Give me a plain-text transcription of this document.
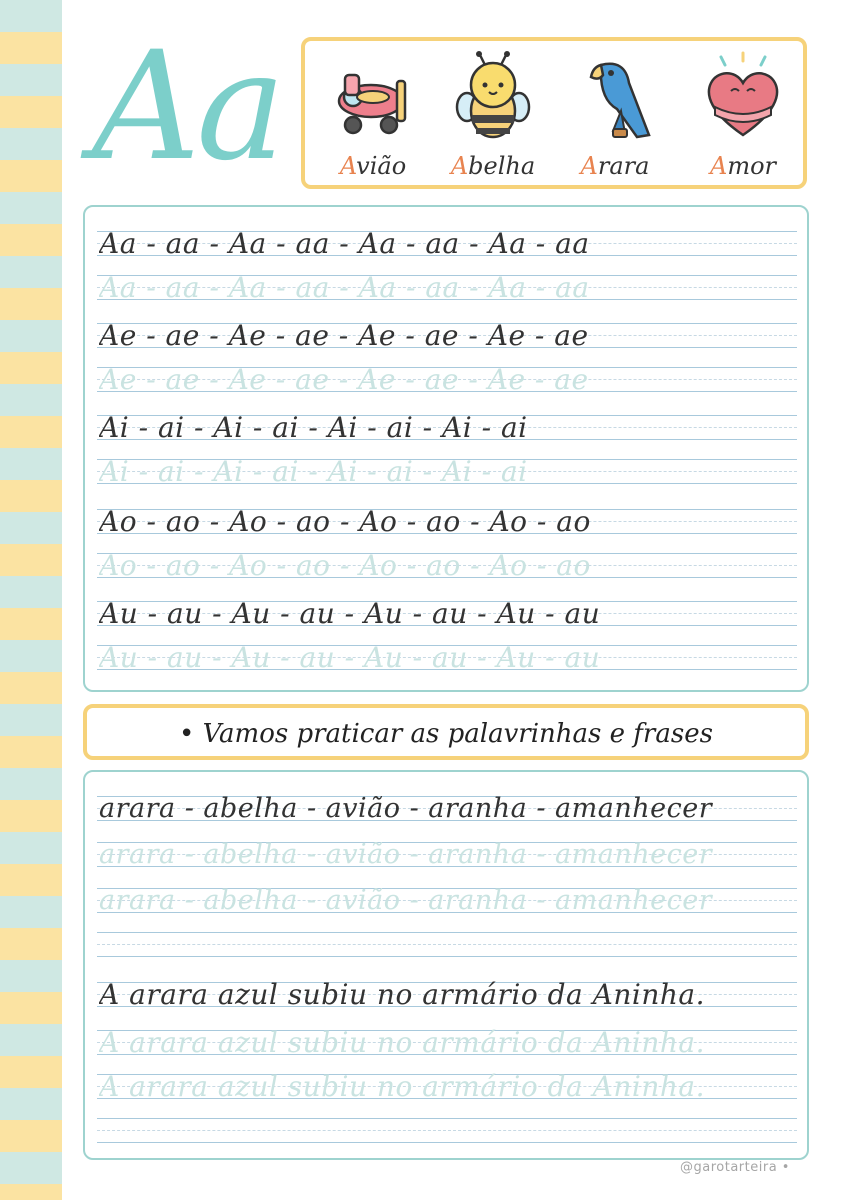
Aa	Avião	Abelha	Arara	Amor
Aa - aa - Aa - aa - Aa - aa - Aa - aa
Aa - aa - Aa - aa - Aa - aa - Aa - aa
Ae - ae - Ae - ae - Ae - ae - Ae - ae
Ae - ae - Ae - ae - Ae - ae - Ae - ae
Ai - ai - Ai - ai - Ai - ai - Ai - ai
Ai - ai - Ai - ai - Ai - ai - Ai - ai
Ao - ao - Ao - ao - Ao - ao - Ao - ao
Ao - ao - Ao - ao - Ao - ao - Ao - ao
Au - au - Au - au - Au - au - Au - au
Au - au - Au - au - Au - au - Au - au
• Vamos praticar as palavrinhas e frases
arara - abelha - avião - aranha - amanhecer
arara - abelha - avião - aranha - amanhecer
arara - abelha - avião - aranha - amanhecer
A arara azul subiu no armário da Aninha.
A arara azul subiu no armário da Aninha.
A arara azul subiu no armário da Aninha.
@garotarteira •
